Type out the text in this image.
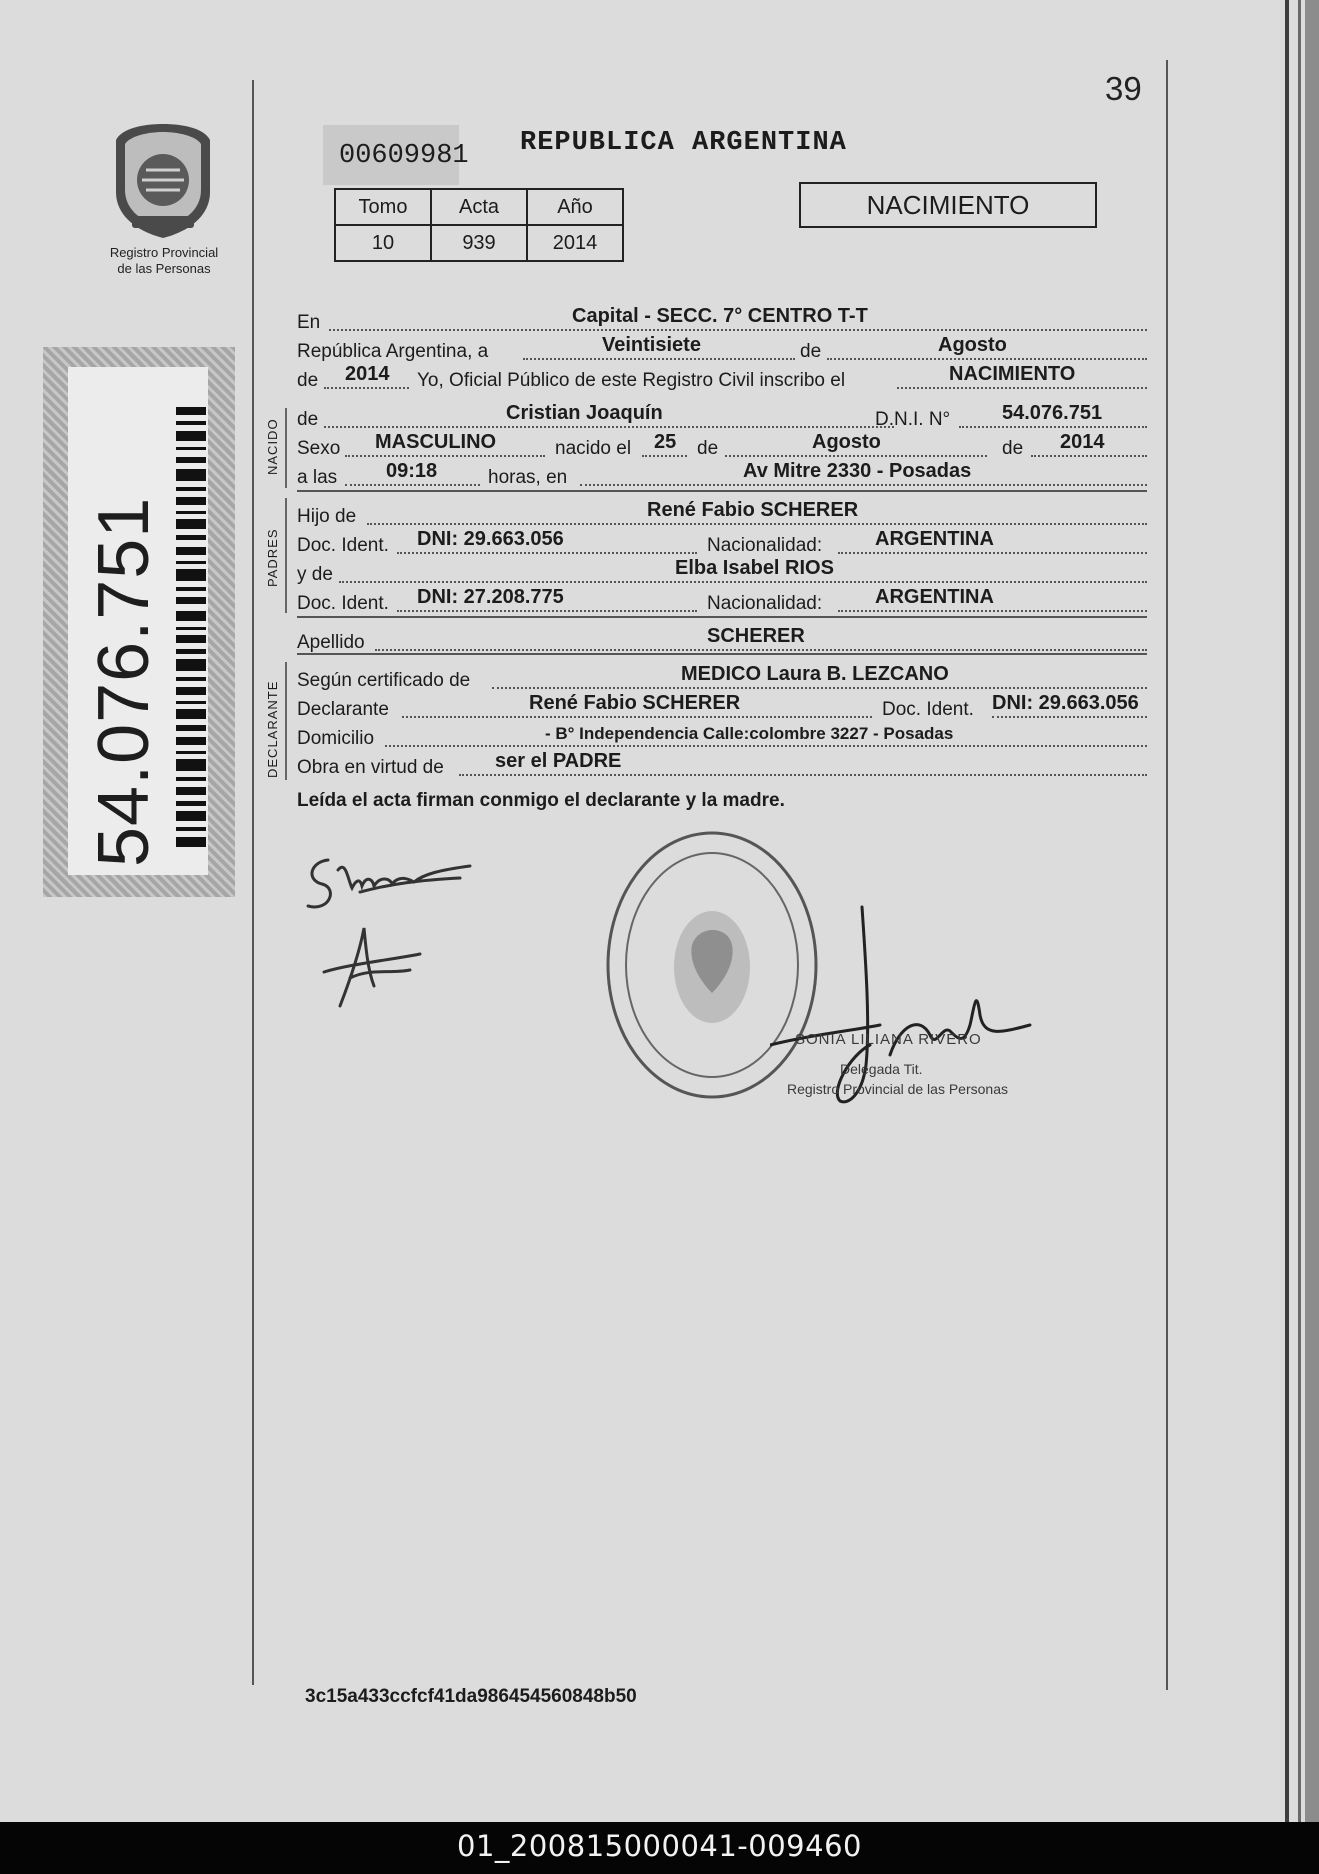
39
Registro Provincial
de las Personas
54.076.751
00609981 REPUBLICA ARGENTINA
Tomo	Acta	Año
10	939	2014
NACIMIENTO
En	Capital - SECC. 7° CENTRO T-T
República Argentina, a	Veintisiete	de	Agosto
de 2014 Yo, Oficial Público de este Registro Civil inscribo el	NACIMIENTO
NACIDO de	Cristian Joaquín	D.N.I. N°	54.076.751
Sexo MASCULINO	nacido el 25 de	Agosto	de 2014
a las 09:18	horas, en	Av Mitre 2330 - Posadas
PADRES
Hijo de	René Fabio SCHERER
Doc. Ident. DNI: 29.663.056	Nacionalidad:	ARGENTINA
y de	Elba Isabel RIOS
Doc. Ident. DNI: 27.208.775	Nacionalidad:	ARGENTINA
Apellido	SCHERER
DECLARANTE
Según certificado de	MEDICO Laura B. LEZCANO
Declarante	René Fabio SCHERER	Doc. Ident. DNI: 29.663.056
Domicilio	- B° Independencia Calle:colombre 3227 - Posadas
Obra en virtud de	ser el PADRE
Leída el acta firman conmigo el declarante y la madre.
SONIA LILIANA RIVERO
Delegada Tit.
Registro Provincial de las Personas
3c15a433ccfcf41da986454560848b50
01_200815000041-009460
